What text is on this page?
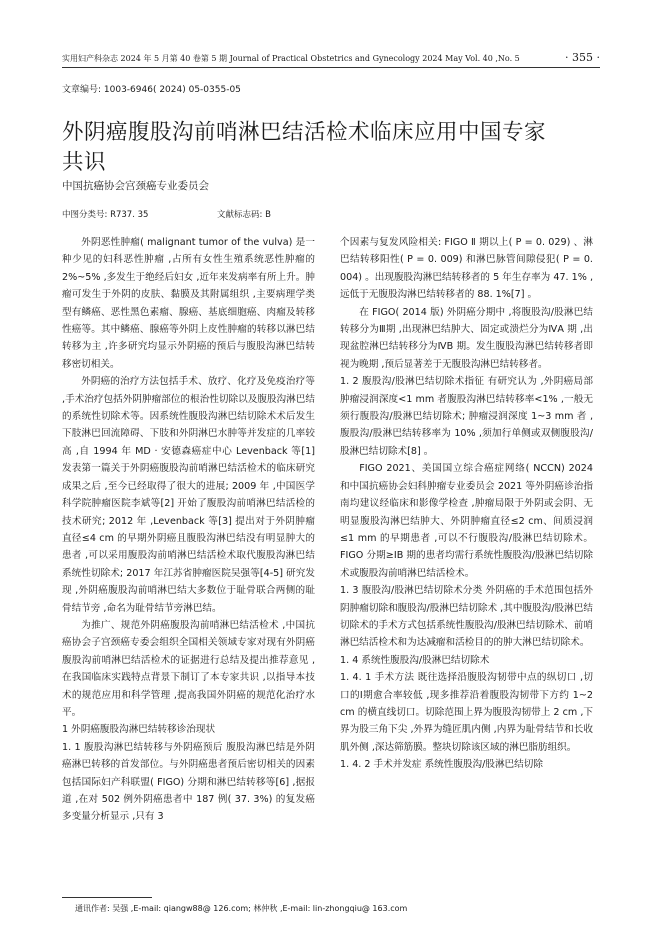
实用妇产科杂志 2024 年 5 月第 40 卷第 5 期 Journal of Practical Obstetrics and Gynecology 2024 May Vol. 40 ,No. 5	· 355 ·
文章编号: 1003-6946( 2024) 05-0355-05
外阴癌腹股沟前哨淋巴结活检术临床应用中国专家共识
中国抗癌协会宫颈癌专业委员会
中图分类号: R737. 35	文献标志码: B

外阴恶性肿瘤( malignant tumor of the vulva) 是一种少见的妇科恶性肿瘤 ,占所有女性生殖系统恶性肿瘤的 2%~5% ,多发生于绝经后妇女 ,近年来发病率有所上升。肿瘤可发生于外阴的皮肤、黏膜及其附属组织 ,主要病理学类型有鳞癌、恶性黑色素瘤、腺癌、基底细胞癌、肉瘤及转移性癌等。其中鳞癌、腺癌等外阴上皮性肿瘤的转移以淋巴结转移为主 ,许多研究均显示外阴癌的预后与腹股沟淋巴结转移密切相关。

外阴癌的治疗方法包括手术、放疗、化疗及免疫治疗等 ,手术治疗包括外阴肿瘤部位的根治性切除以及腹股沟淋巴结的系统性切除术等。因系统性腹股沟淋巴结切除术术后发生下肢淋巴回流障碍、下肢和外阴淋巴水肿等并发症的几率较高 ,自 1994 年 MD · 安德森癌症中心 Levenback 等[1] 发表第一篇关于外阴癌腹股沟前哨淋巴结活检术的临床研究成果之后 ,至今已经取得了很大的进展; 2009 年 ,中国医学科学院肿瘤医院李斌等[2] 开始了腹股沟前哨淋巴结活检的技术研究; 2012 年 ,Levenback 等[3] 提出对于外阴肿瘤直径≤4 cm 的早期外阴癌且腹股沟淋巴结没有明显肿大的患者 ,可以采用腹股沟前哨淋巴结活检术取代腹股沟淋巴结系统性切除术; 2017 年江苏省肿瘤医院吴强等[4-5] 研究发现 ,外阴癌腹股沟前哨淋巴结大多数位于耻骨联合两侧的耻骨结节旁 ,命名为耻骨结节旁淋巴结。

为推广、规范外阴癌腹股沟前哨淋巴结活检术 ,中国抗癌协会子宫颈癌专委会组织全国相关领域专家对现有外阴癌腹股沟前哨淋巴结活检术的证据进行总结及提出推荐意见 ,在我国临床实践特点背景下制订了本专家共识 ,以指导本技术的规范应用和科学管理 ,提高我国外阴癌的规范化治疗水平。

1 外阴癌腹股沟淋巴结转移诊治现状

1. 1 腹股沟淋巴结转移与外阴癌预后 腹股沟淋巴结是外阴癌淋巴转移的首发部位。与外阴癌患者预后密切相关的因素包括国际妇产科联盟( FIGO) 分期和淋巴结转移等[6] ,据报道 ,在对 502 例外阴癌患者中 187 例( 37. 3%) 的复发癌多变量分析显示 ,只有 3

个因素与复发风险相关: FIGO Ⅱ 期以上( P = 0. 029) 、淋巴结转移阳性( P = 0. 009) 和淋巴脉管间隙侵犯( P = 0. 004) 。出现腹股沟淋巴结转移者的 5 年生存率为 47. 1% ,远低于无腹股沟淋巴结转移者的 88. 1%[7] 。

在 FIGO( 2014 版) 外阴癌分期中 ,将腹股沟/股淋巴结转移分为Ⅲ期 ,出现淋巴结肿大、固定或溃烂分为ⅣA 期 ,出现盆腔淋巴结转移分为ⅣB 期。发生腹股沟淋巴结转移者即视为晚期 ,预后显著差于无腹股沟淋巴结转移者。

1. 2 腹股沟/股淋巴结切除术指征 有研究认为 ,外阴癌局部肿瘤浸润深度<1 mm 者腹股沟淋巴结转移率<1% ,一般无须行腹股沟/股淋巴结切除术; 肿瘤浸润深度 1~3 mm 者 ,腹股沟/股淋巴结转移率为 10% ,须加行单侧或双侧腹股沟/股淋巴结切除术[8] 。

FIGO 2021、美国国立综合癌症网络( NCCN) 2024 和中国抗癌协会妇科肿瘤专业委员会 2021 等外阴癌诊治指南均建议经临床和影像学检查 ,肿瘤局限于外阴或会阴、无明显腹股沟淋巴结肿大、外阴肿瘤直径≤2 cm、间质浸润≤1 mm 的早期患者 ,可以不行腹股沟/股淋巴结切除术。FIGO 分期≥ⅠB 期的患者均需行系统性腹股沟/股淋巴结切除术或腹股沟前哨淋巴结活检术。

1. 3 腹股沟/股淋巴结切除术分类 外阴癌的手术范围包括外阴肿瘤切除和腹股沟/股淋巴结切除术 ,其中腹股沟/股淋巴结切除术的手术方式包括系统性腹股沟/股淋巴结切除术、前哨淋巴结活检术和为达减瘤和活检目的的肿大淋巴结切除术。

1. 4 系统性腹股沟/股淋巴结切除术

1. 4. 1 手术方法 既往选择沿腹股沟韧带中点的纵切口 ,切口的Ⅰ期愈合率较低 ,现多推荐沿着腹股沟韧带下方约 1~2 cm 的横直线切口。切除范围上界为腹股沟韧带上 2 cm ,下界为股三角下尖 ,外界为缝匠肌内侧 ,内界为耻骨结节和长收肌外侧 ,深达筛筋膜。整块切除该区域的淋巴脂肪组织。

1. 4. 2 手术并发症 系统性腹股沟/股淋巴结切除

通讯作者: 吴强 ,E-mail: qiangw88@ 126.com; 林仲秋 ,E-mail: lin-zhongqiu@ 163.com
